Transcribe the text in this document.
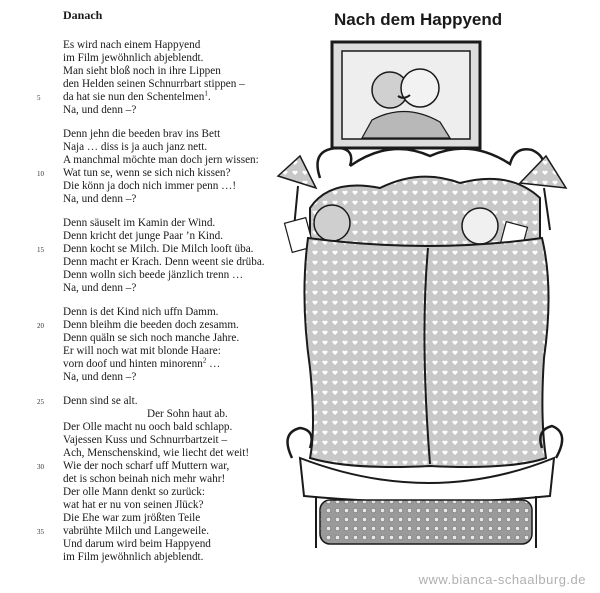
Danach
Es wird nach einem Happyend
im Film jewöhnlich abjeblendt.
Man sieht bloß noch in ihre Lippen
den Helden seinen Schnurrbart stippen –
da hat sie nun den Schentelmen$^1$.
Na, und denn –?
5
Denn jehn die beeden brav ins Bett
Naja … diss is ja auch janz nett.
A manchmal möchte man doch jern wissen:
Wat tun se, wenn se sich nich kissen?
Die könn ja doch nich immer penn …!
Na, und denn –?
10
Denn säuselt im Kamin der Wind.
Denn kricht det junge Paar ’n Kind.
Denn kocht se Milch. Die Milch looft üba.
Denn macht er Krach. Denn weent sie drüba.
Denn wolln sich beede jänzlich trenn …
Na, und denn –?
15
Denn is det Kind nich uffn Damm.
Denn bleihm die beeden doch zesamm.
Denn quäln se sich noch manche Jahre.
Er will noch wat mit blonde Haare:
vorn doof und hinten minorenn$^2$ …
Na, und denn –?
20
Denn sind se alt.
Der Sohn haut ab.
Der Olle macht nu ooch bald schlapp.
Vajessen Kuss und Schnurrbartzeit –
Ach, Menschenskind, wie liecht det weit!
Wie der noch scharf uff Muttern war,
det is schon beinah nich mehr wahr!
Der olle Mann denkt so zurück:
wat hat er nu von seinen Jlück?
Die Ehe war zum jrößten Teile
vabrühte Milch und Langeweile.
Und darum wird beim Happyend
im Film jewöhnlich abjeblendt.
25
30
35
Nach dem Happyend
www.bianca-schaalburg.de
